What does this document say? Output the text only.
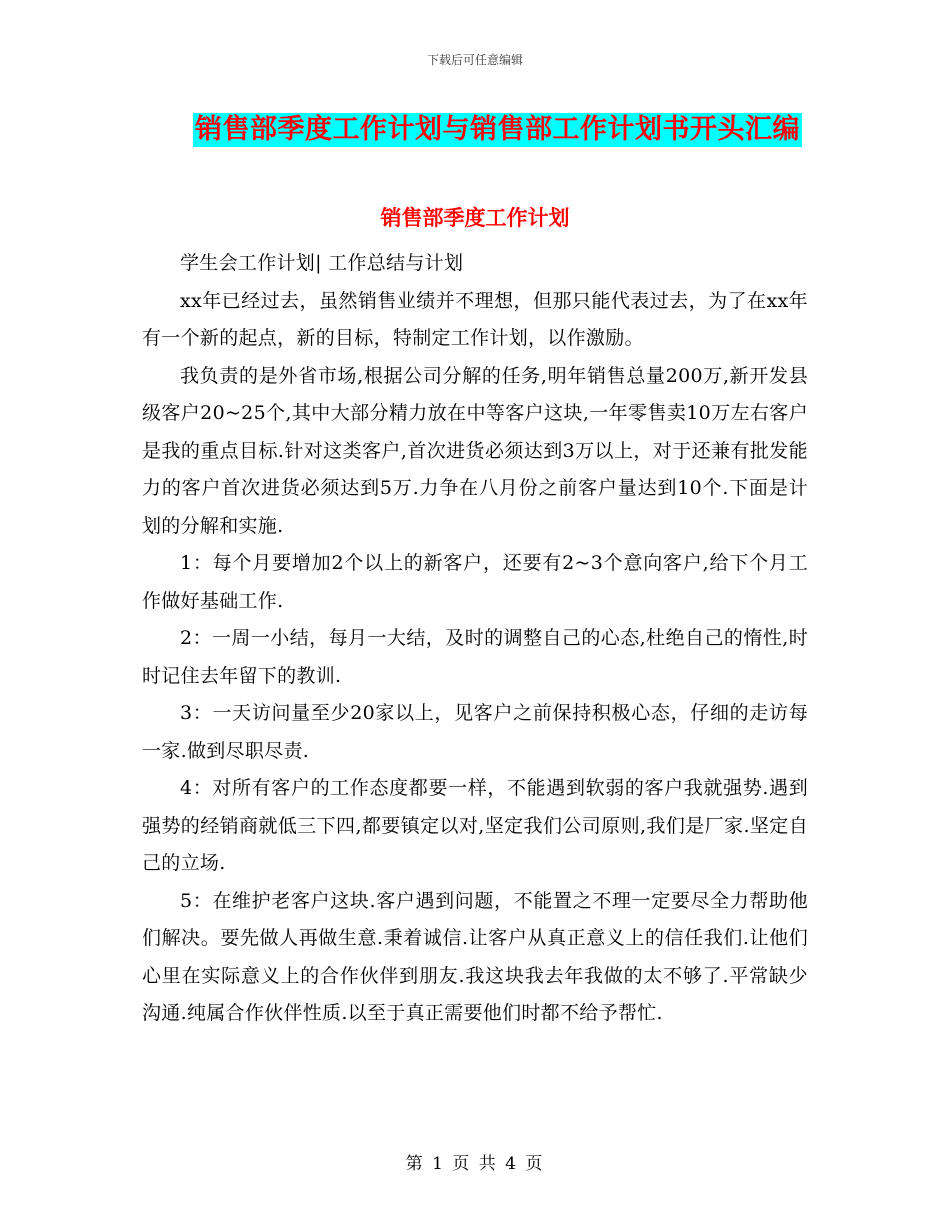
下载后可任意编辑
销售部季度工作计划与销售部工作计划书开头汇编
销售部季度工作计划

学生会工作计划| 工作总结与计划

xx年已经过去，虽然销售业绩并不理想，但那只能代表过去，为了在xx年有一个新的起点，新的目标，特制定工作计划，以作激励。

我负责的是外省市场,根据公司分解的任务,明年销售总量200万,新开发县级客户20~25个,其中大部分精力放在中等客户这块,一年零售卖10万左右客户是我的重点目标.针对这类客户,首次进货必须达到3万以上，对于还兼有批发能力的客户首次进货必须达到5万.力争在八月份之前客户量达到10个.下面是计划的分解和实施.

1：每个月要增加2个以上的新客户，还要有2~3个意向客户,给下个月工作做好基础工作.

2：一周一小结，每月一大结，及时的调整自己的心态,杜绝自己的惰性,时时记住去年留下的教训.

3：一天访问量至少20家以上，见客户之前保持积极心态，仔细的走访每一家.做到尽职尽责.

4：对所有客户的工作态度都要一样，不能遇到软弱的客户我就强势.遇到强势的经销商就低三下四,都要镇定以对,坚定我们公司原则,我们是厂家.坚定自己的立场.

5：在维护老客户这块.客户遇到问题，不能置之不理一定要尽全力帮助他们解决。要先做人再做生意.秉着诚信.让客户从真正意义上的信任我们.让他们心里在实际意义上的合作伙伴到朋友.我这块我去年我做的太不够了.平常缺少沟通.纯属合作伙伴性质.以至于真正需要他们时都不给予帮忙.

第 1 页 共 4 页
